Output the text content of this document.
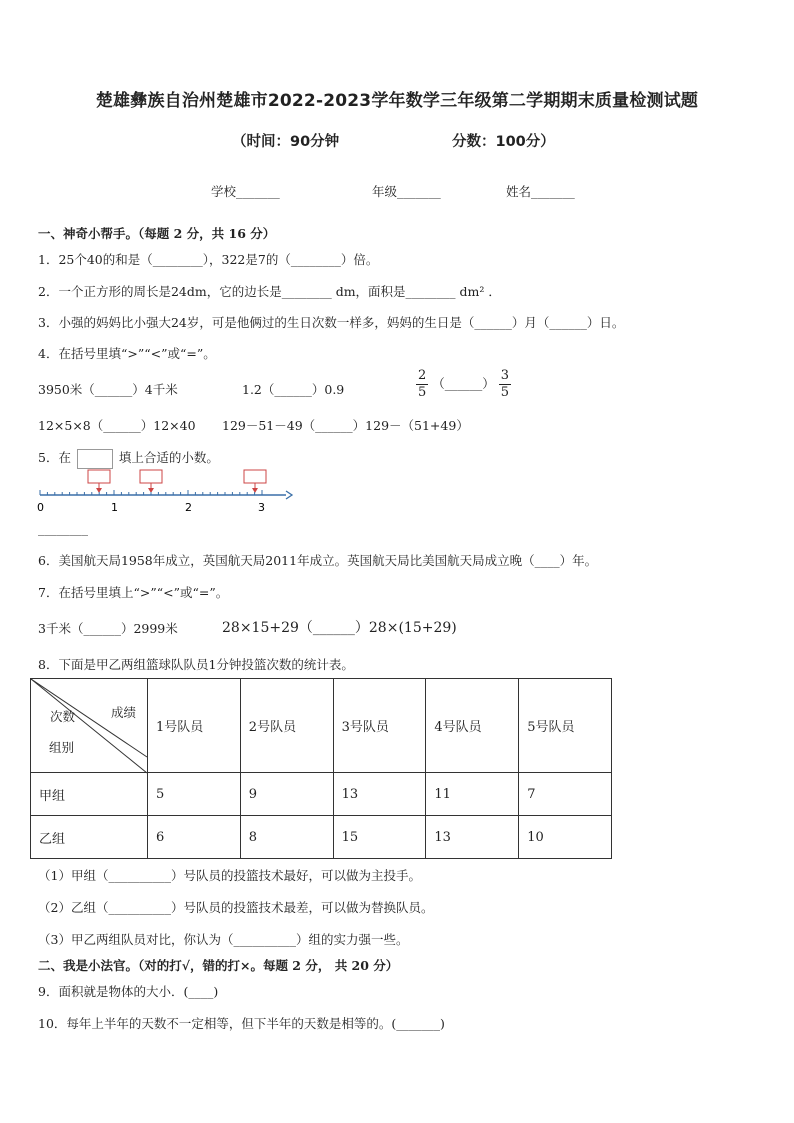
楚雄彝族自治州楚雄市2022-2023学年数学三年级第二学期期末质量检测试题
（时间：90分钟	分数：100分）
学校_______	年级_______	姓名_______
一、神奇小帮手。（每题 2 分，共 16 分）
1．25个40的和是（________），322是7的（________）倍。
2．一个正方形的周长是24dm，它的边长是________ dm，面积是________ dm² ．
3．小强的妈妈比小强大24岁，可是他俩过的生日次数一样多，妈妈的生日是（______）月（______）日。
4．在括号里填“>”“<”或“=”。
3950米（______）4千米	1.2（______）0.9	$\frac{2}{5}$ （______） $\frac{3}{5}$
12×5×8（______）12×40 129－51－49（______）129－（51+49）
5．在	填上合适的小数。
0	1	2	3
________
6．美国航天局1958年成立，英国航天局2011年成立。英国航天局比美国航天局成立晚（____）年。
7．在括号里填上“>”“<”或“=”。
3千米（______）2999米	28×15+29（______）28×(15+29)
8．下面是甲乙两组篮球队队员1分钟投篮次数的统计表。
成绩
次数
组别	1号队员	2号队员	3号队员	4号队员	5号队员
甲组	5	9	13	11	7
乙组	6	8	15	13	10
（1）甲组（__________）号队员的投篮技术最好，可以做为主投手。
（2）乙组（__________）号队员的投篮技术最差，可以做为替换队员。
（3）甲乙两组队员对比，你认为（__________）组的实力强一些。
二、我是小法官。（对的打√，错的打×。每题 2 分， 共 20 分）
9．面积就是物体的大小．(____)
10．每年上半年的天数不一定相等，但下半年的天数是相等的。(_______)
